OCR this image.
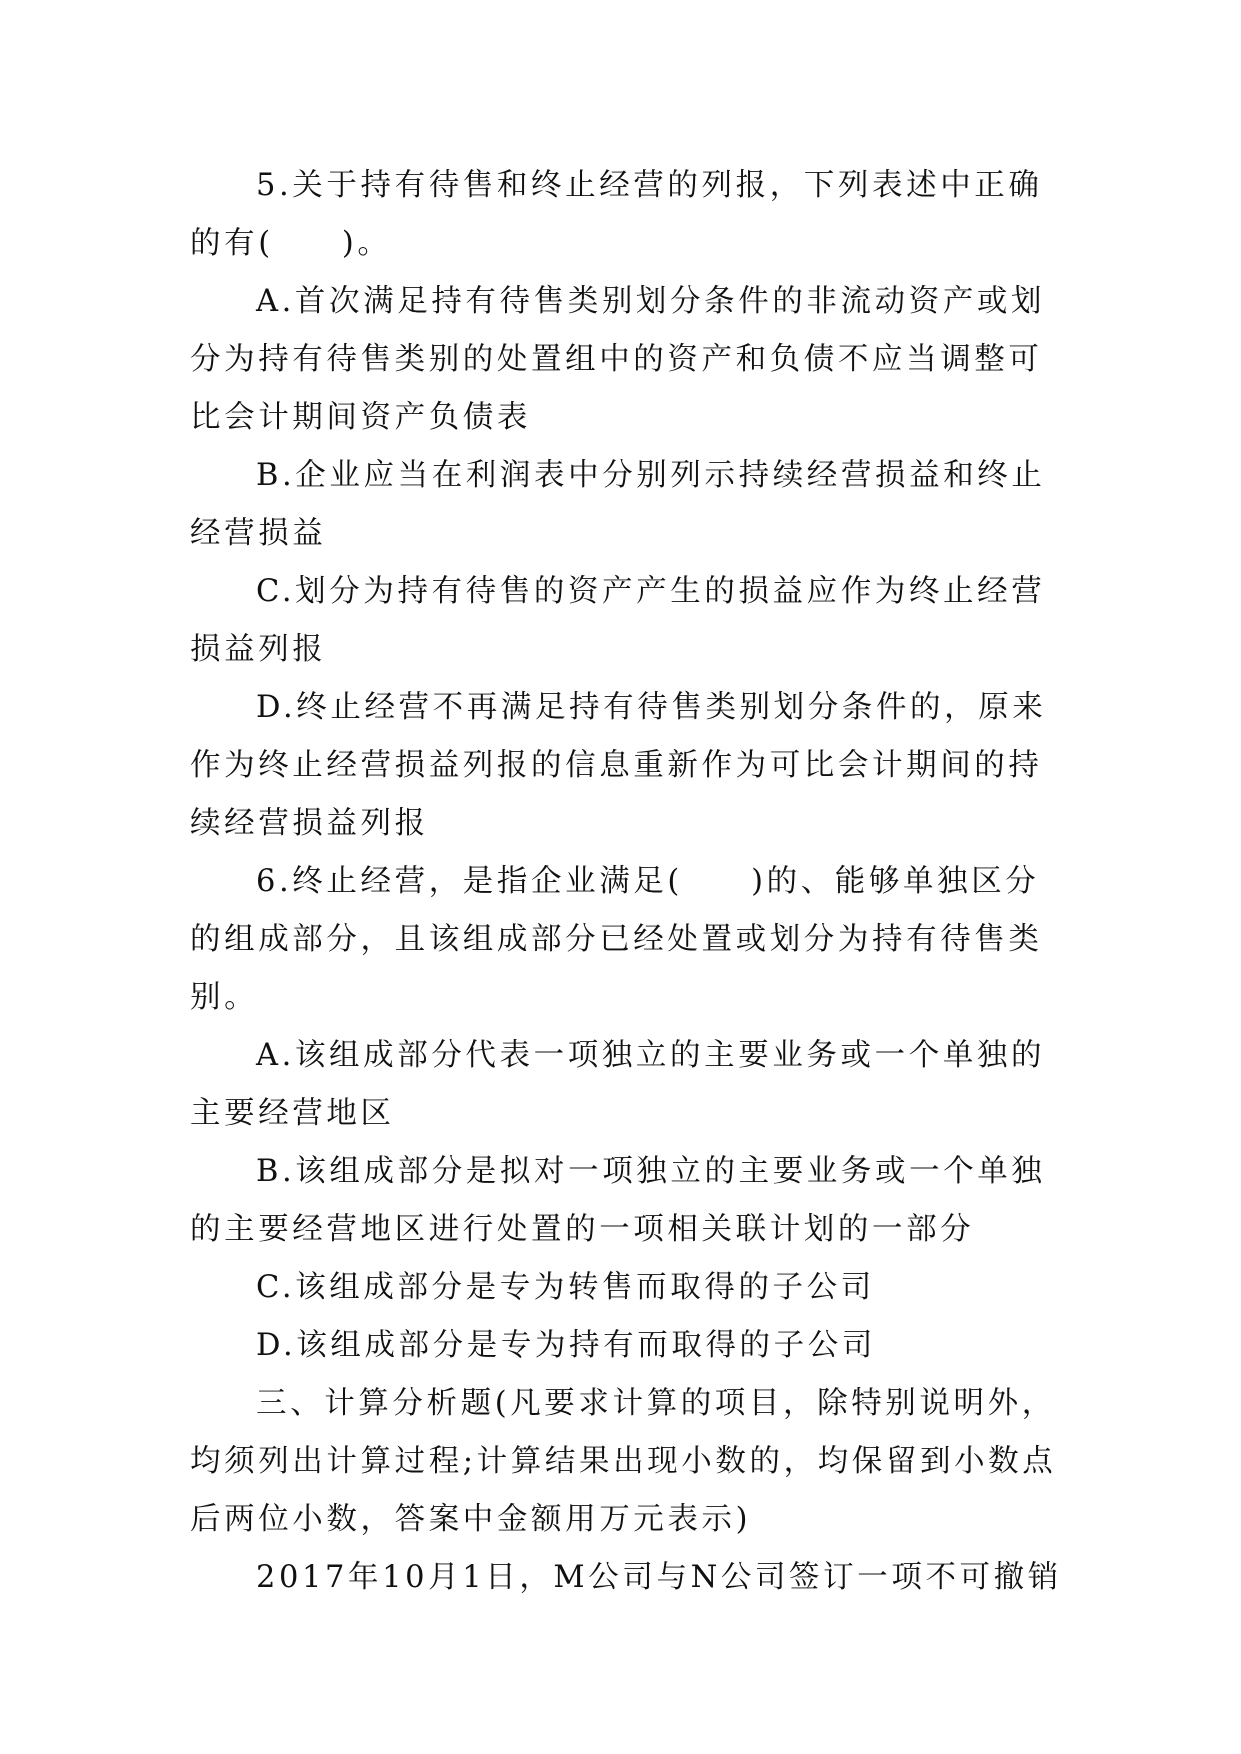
5.关于持有待售和终止经营的列报，下列表述中正确的有(　　)。

A.首次满足持有待售类别划分条件的非流动资产或划分为持有待售类别的处置组中的资产和负债不应当调整可比会计期间资产负债表

B.企业应当在利润表中分别列示持续经营损益和终止经营损益

C.划分为持有待售的资产产生的损益应作为终止经营损益列报

D.终止经营不再满足持有待售类别划分条件的，原来作为终止经营损益列报的信息重新作为可比会计期间的持续经营损益列报

6.终止经营，是指企业满足(　　)的、能够单独区分的组成部分，且该组成部分已经处置或划分为持有待售类别。

A.该组成部分代表一项独立的主要业务或一个单独的主要经营地区

B.该组成部分是拟对一项独立的主要业务或一个单独的主要经营地区进行处置的一项相关联计划的一部分

C.该组成部分是专为转售而取得的子公司

D.该组成部分是专为持有而取得的子公司

三、计算分析题(凡要求计算的项目，除特别说明外，均须列出计算过程;计算结果出现小数的，均保留到小数点后两位小数，答案中金额用万元表示)

2017年10月1日，M公司与N公司签订一项不可撤销
